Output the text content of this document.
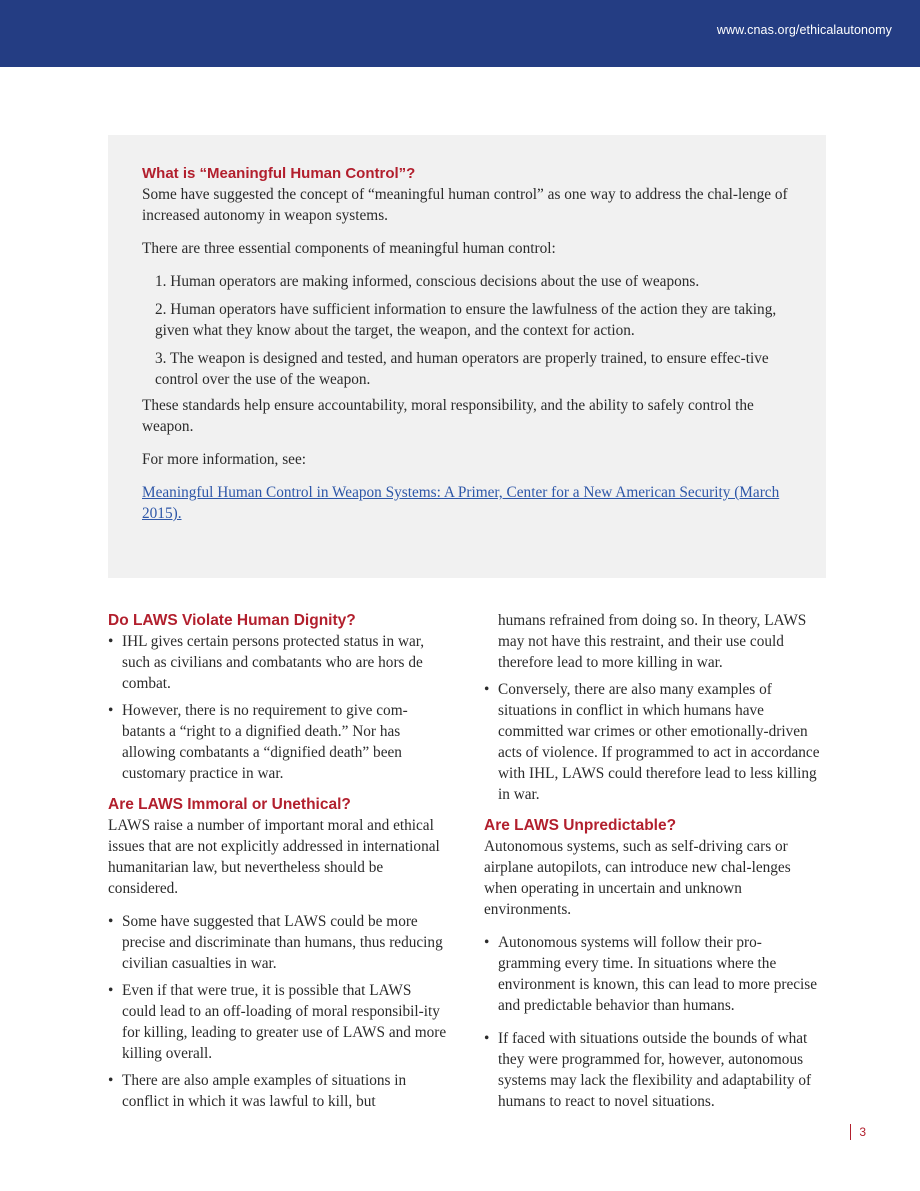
www.cnas.org/ethicalautonomy
What is “Meaningful Human Control”?

Some have suggested the concept of “meaningful human control” as one way to address the chal-lenge of increased autonomy in weapon systems.

There are three essential components of meaningful human control:

1. Human operators are making informed, conscious decisions about the use of weapons.
2. Human operators have sufficient information to ensure the lawfulness of the action they are taking, given what they know about the target, the weapon, and the context for action.
3. The weapon is designed and tested, and human operators are properly trained, to ensure effec-tive control over the use of the weapon.

These standards help ensure accountability, moral responsibility, and the ability to safely control the weapon.

For more information, see:

Meaningful Human Control in Weapon Systems: A Primer, Center for a New American Security (March 2015).
Do LAWS Violate Human Dignity?
• IHL gives certain persons protected status in war, such as civilians and combatants who are hors de combat.
• However, there is no requirement to give com-batants a “right to a dignified death.” Nor has allowing combatants a “dignified death” been customary practice in war.
Are LAWS Immoral or Unethical?

LAWS raise a number of important moral and ethical issues that are not explicitly addressed in international humanitarian law, but nevertheless should be considered.

• Some have suggested that LAWS could be more precise and discriminate than humans, thus reducing civilian casualties in war.
• Even if that were true, it is possible that LAWS could lead to an off-loading of moral responsibil-ity for killing, leading to greater use of LAWS and more killing overall.
• There are also ample examples of situations in conflict in which it was lawful to kill, but

humans refrained from doing so. In theory, LAWS may not have this restraint, and their use could therefore lead to more killing in war.

• Conversely, there are also many examples of situations in conflict in which humans have committed war crimes or other emotionally-driven acts of violence. If programmed to act in accordance with IHL, LAWS could therefore lead to less killing in war.
Are LAWS Unpredictable?

Autonomous systems, such as self-driving cars or airplane autopilots, can introduce new chal-lenges when operating in uncertain and unknown environments.

• Autonomous systems will follow their pro-gramming every time. In situations where the environment is known, this can lead to more precise and predictable behavior than humans.
• If faced with situations outside the bounds of what they were programmed for, however, autonomous systems may lack the flexibility and adaptability of humans to react to novel situations.
3
